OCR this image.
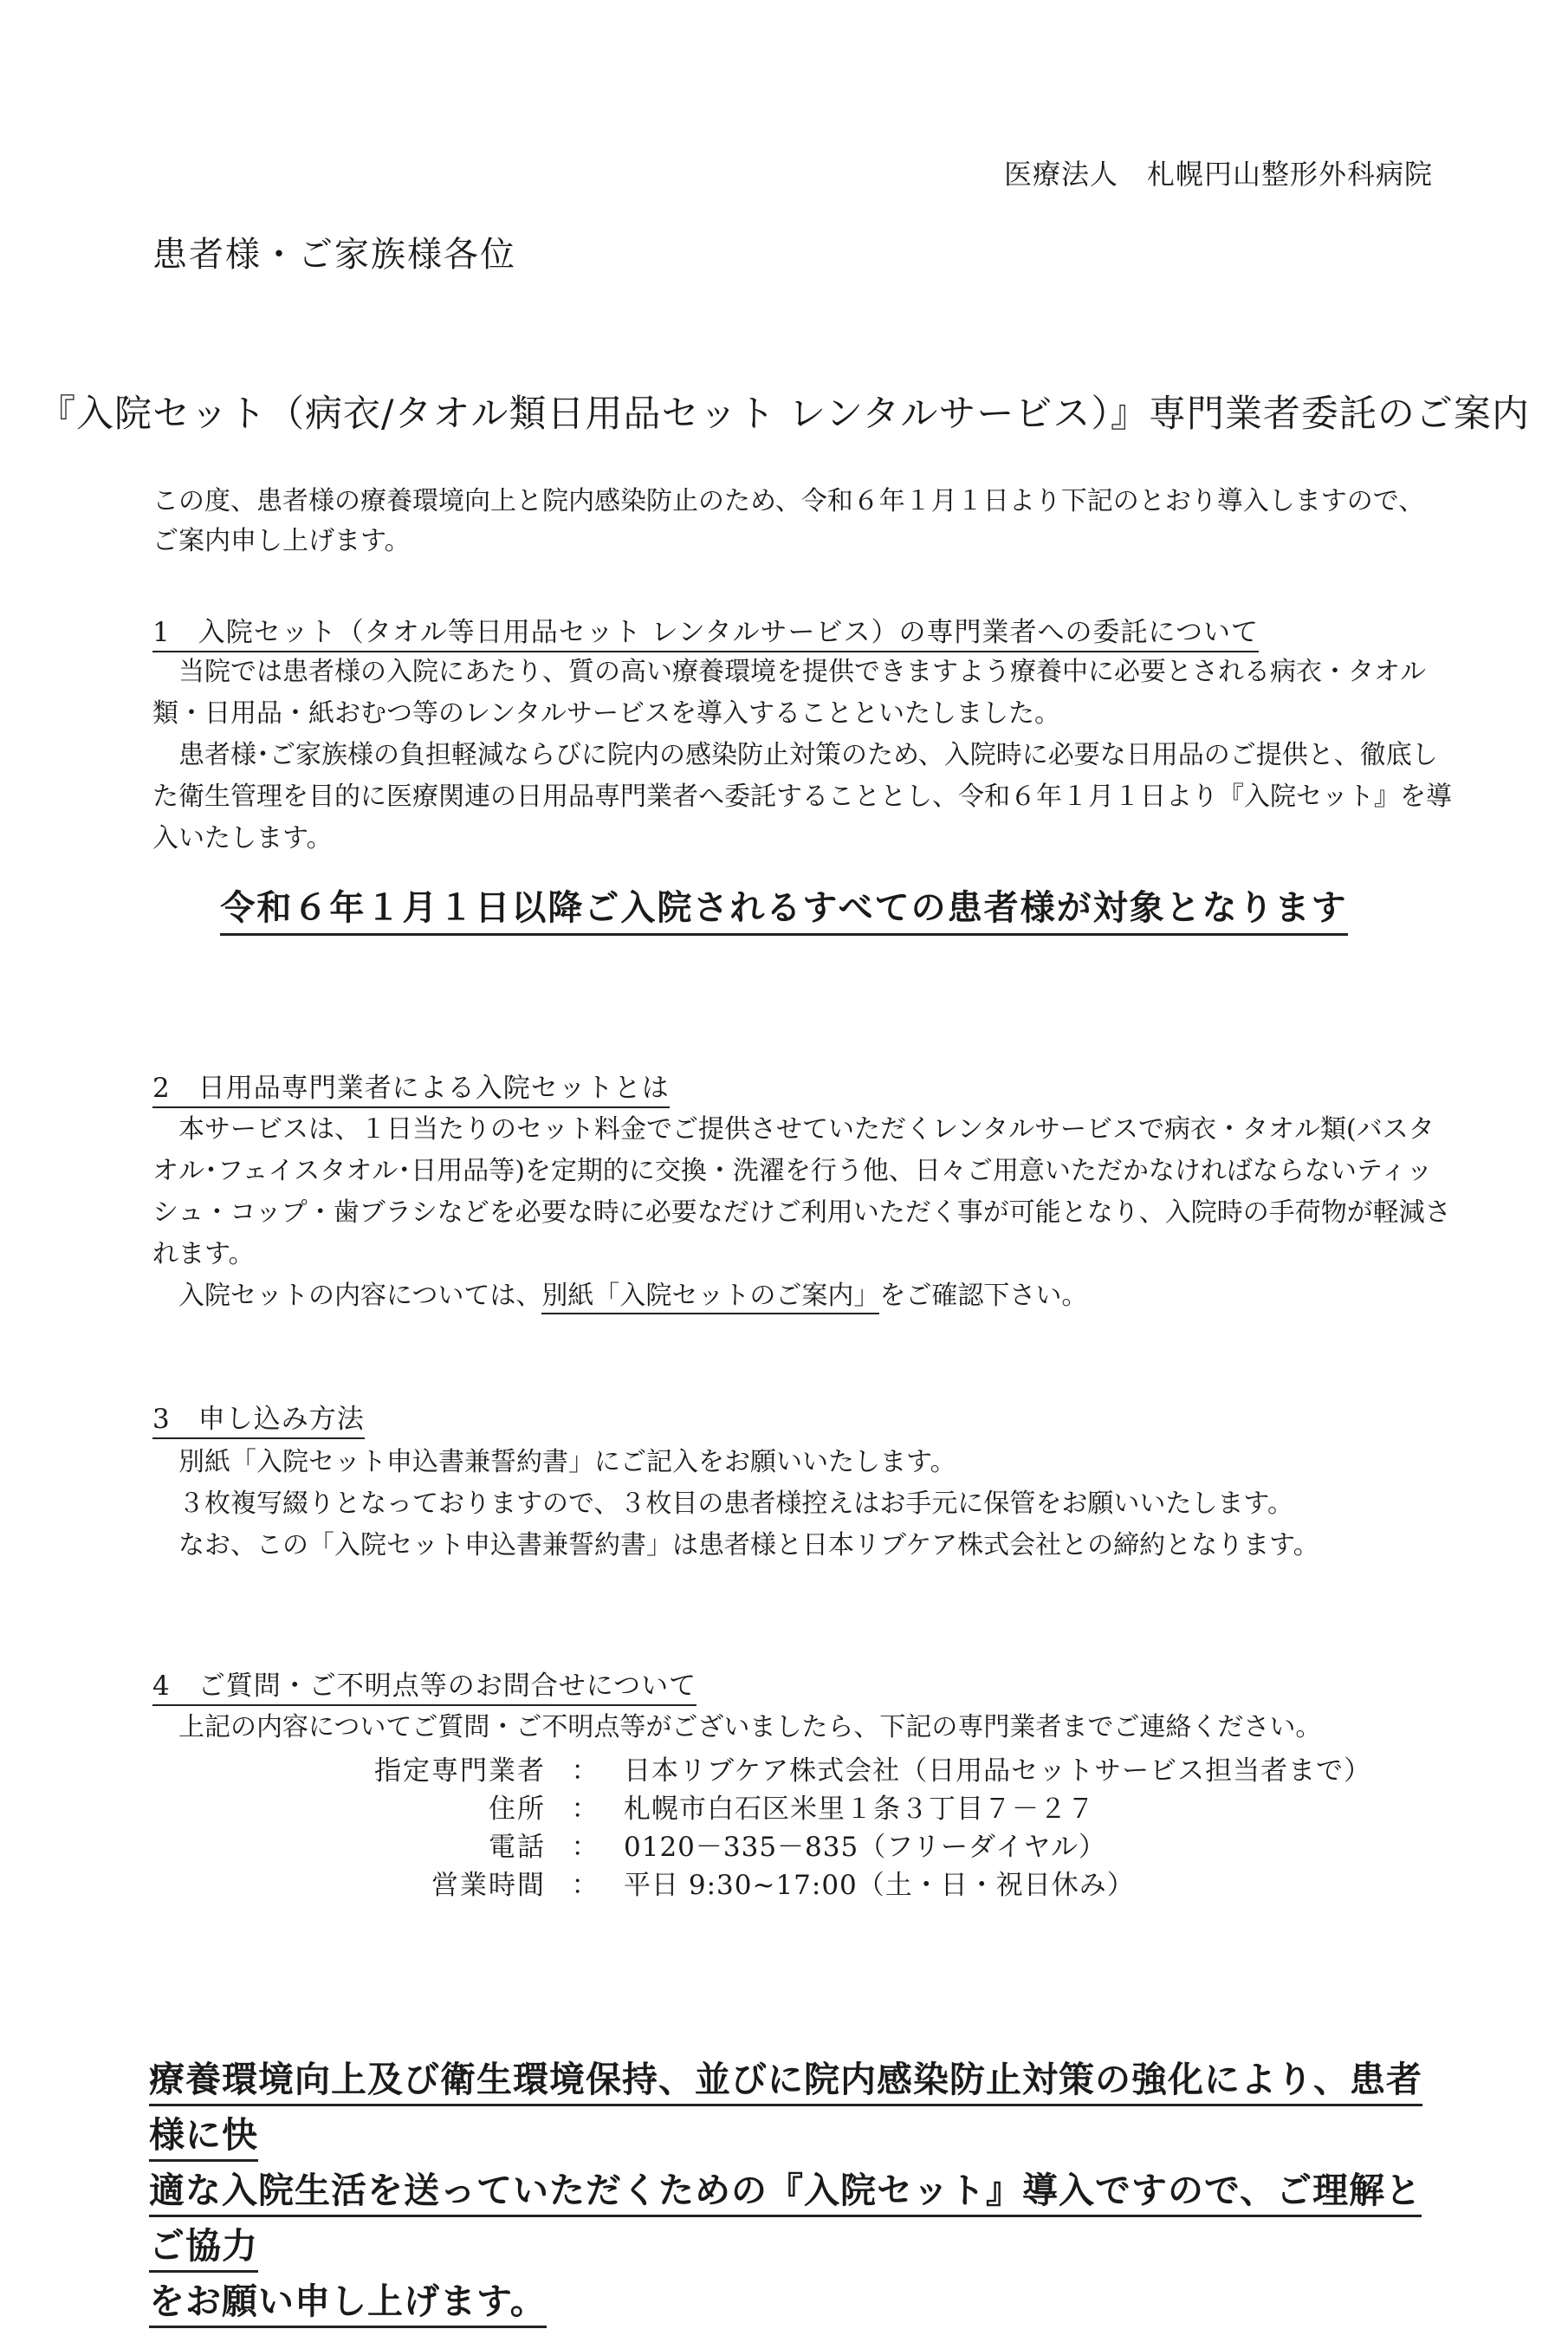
医療法人　札幌円山整形外科病院
患者様・ご家族様各位
『入院セット（病衣/タオル類日用品セット レンタルサービス）』専門業者委託のご案内
この度、患者様の療養環境向上と院内感染防止のため、令和６年１月１日より下記のとおり導入しますので、ご案内申し上げます。
1　入院セット（タオル等日用品セット レンタルサービス）の専門業者への委託について

当院では患者様の入院にあたり、質の高い療養環境を提供できますよう療養中に必要とされる病衣・タオル類・日用品・紙おむつ等のレンタルサービスを導入することといたしました。

患者様･ご家族様の負担軽減ならびに院内の感染防止対策のため、入院時に必要な日用品のご提供と、徹底した衛生管理を目的に医療関連の日用品専門業者へ委託することとし、令和６年１月１日より『入院セット』を導入いたします。

令和６年１月１日以降ご入院されるすべての患者様が対象となります
2　日用品専門業者による入院セットとは

本サービスは、１日当たりのセット料金でご提供させていただくレンタルサービスで病衣・タオル類(バスタオル･フェイスタオル･日用品等)を定期的に交換・洗濯を行う他、日々ご用意いただかなければならないティッシュ・コップ・歯ブラシなどを必要な時に必要なだけご利用いただく事が可能となり、入院時の手荷物が軽減されます。

入院セットの内容については、別紙「入院セットのご案内」をご確認下さい。

3　申し込み方法

別紙「入院セット申込書兼誓約書」にご記入をお願いいたします。

３枚複写綴りとなっておりますので、３枚目の患者様控えはお手元に保管をお願いいたします。

なお、この「入院セット申込書兼誓約書」は患者様と日本リブケア株式会社との締約となります。

4　ご質問・ご不明点等のお問合せについて

上記の内容についてご質問・ご不明点等がございましたら、下記の専門業者までご連絡ください。

指定専門業者 ： 日本リブケア株式会社（日用品セットサービス担当者まで）
住所 ： 札幌市白石区米里１条３丁目７－２７
電話 ： 0120－335－835（フリーダイヤル）
営業時間 ： 平日 9:30~17:00（土・日・祝日休み）
療養環境向上及び衛生環境保持、並びに院内感染防止対策の強化により、患者様に快
適な入院生活を送っていただくための『入院セット』導入ですので、ご理解とご協力
をお願い申し上げます。
